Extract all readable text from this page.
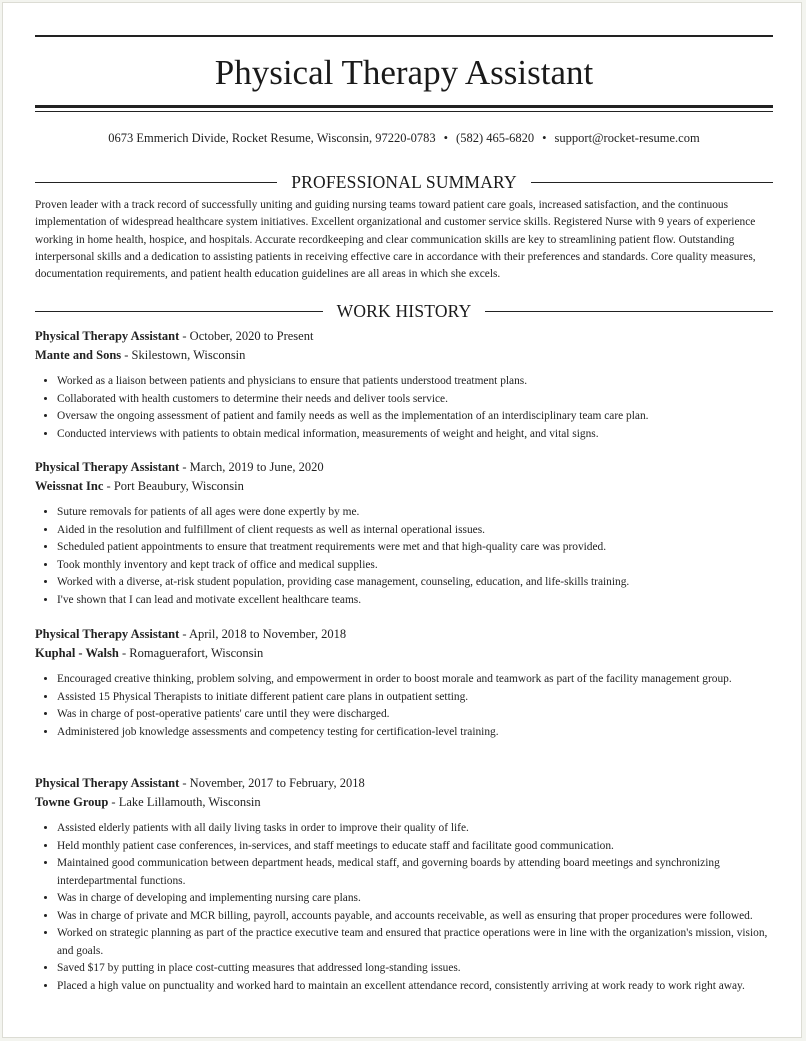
Physical Therapy Assistant
0673 Emmerich Divide, Rocket Resume, Wisconsin, 97220-0783 • (582) 465-6820 • support@rocket-resume.com
PROFESSIONAL SUMMARY

Proven leader with a track record of successfully uniting and guiding nursing teams toward patient care goals, increased satisfaction, and the continuous implementation of widespread healthcare system initiatives. Excellent organizational and customer service skills. Registered Nurse with 9 years of experience working in home health, hospice, and hospitals. Accurate recordkeeping and clear communication skills are key to streamlining patient flow. Outstanding interpersonal skills and a dedication to assisting patients in receiving effective care in accordance with their preferences and standards. Core quality measures, documentation requirements, and patient health education guidelines are all areas in which she excels.

WORK HISTORY

Physical Therapy Assistant - October, 2020 to Present

Mante and Sons - Skilestown, Wisconsin

• Worked as a liaison between patients and physicians to ensure that patients understood treatment plans.
• Collaborated with health customers to determine their needs and deliver tools service.
• Oversaw the ongoing assessment of patient and family needs as well as the implementation of an interdisciplinary team care plan.
• Conducted interviews with patients to obtain medical information, measurements of weight and height, and vital signs.

Physical Therapy Assistant - March, 2019 to June, 2020

Weissnat Inc - Port Beaubury, Wisconsin

• Suture removals for patients of all ages were done expertly by me.
• Aided in the resolution and fulfillment of client requests as well as internal operational issues.
• Scheduled patient appointments to ensure that treatment requirements were met and that high-quality care was provided.
• Took monthly inventory and kept track of office and medical supplies.
• Worked with a diverse, at-risk student population, providing case management, counseling, education, and life-skills training.
• I've shown that I can lead and motivate excellent healthcare teams.

Physical Therapy Assistant - April, 2018 to November, 2018

Kuphal - Walsh - Romaguerafort, Wisconsin

• Encouraged creative thinking, problem solving, and empowerment in order to boost morale and teamwork as part of the facility management group.
• Assisted 15 Physical Therapists to initiate different patient care plans in outpatient setting.
• Was in charge of post-operative patients' care until they were discharged.
• Administered job knowledge assessments and competency testing for certification-level training.

Physical Therapy Assistant - November, 2017 to February, 2018

Towne Group - Lake Lillamouth, Wisconsin

• Assisted elderly patients with all daily living tasks in order to improve their quality of life.
• Held monthly patient case conferences, in-services, and staff meetings to educate staff and facilitate good communication.
• Maintained good communication between department heads, medical staff, and governing boards by attending board meetings and synchronizing interdepartmental functions.
• Was in charge of developing and implementing nursing care plans.
• Was in charge of private and MCR billing, payroll, accounts payable, and accounts receivable, as well as ensuring that proper procedures were followed.
• Worked on strategic planning as part of the practice executive team and ensured that practice operations were in line with the organization's mission, vision, and goals.
• Saved $17 by putting in place cost-cutting measures that addressed long-standing issues.
• Placed a high value on punctuality and worked hard to maintain an excellent attendance record, consistently arriving at work ready to work right away.
